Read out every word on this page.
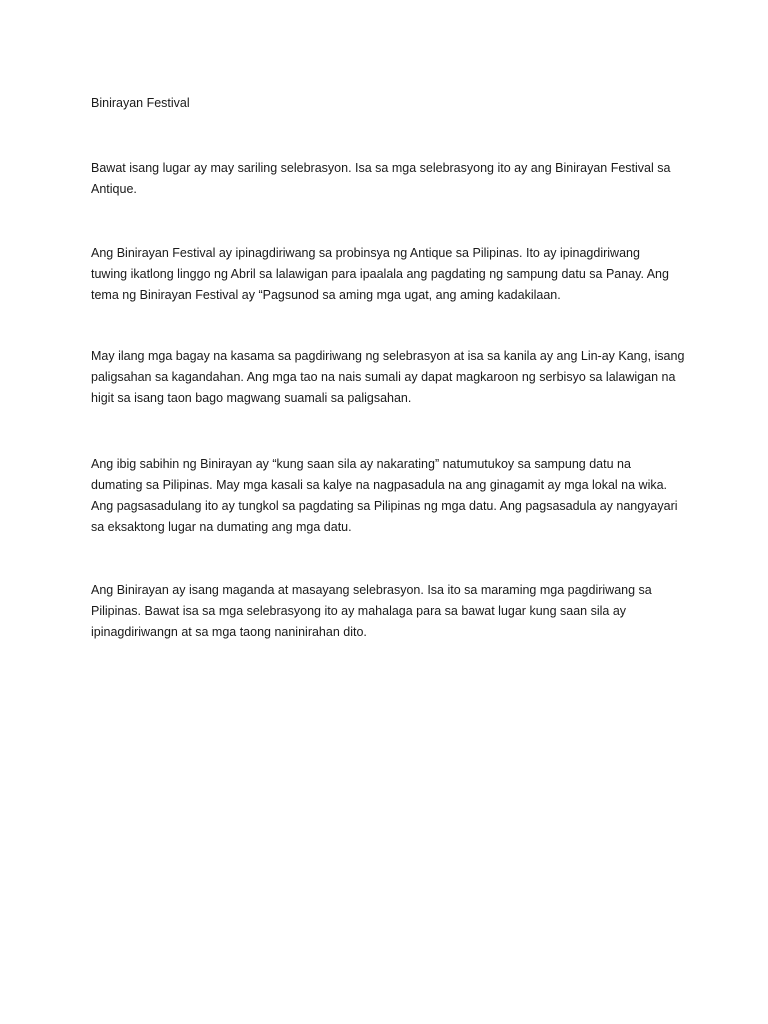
Binirayan Festival

Bawat isang lugar ay may sariling selebrasyon. Isa sa mga selebrasyong ito ay ang Binirayan Festival sa
Antique.

Ang Binirayan Festival ay ipinagdiriwang sa probinsya ng Antique sa Pilipinas. Ito ay ipinagdiriwang
tuwing ikatlong linggo ng Abril sa lalawigan para ipaalala ang pagdating ng sampung datu sa Panay. Ang
tema ng Binirayan Festival ay “Pagsunod sa aming mga ugat, ang aming kadakilaan.

May ilang mga bagay na kasama sa pagdiriwang ng selebrasyon at isa sa kanila ay ang Lin-ay Kang, isang
paligsahan sa kagandahan. Ang mga tao na nais sumali ay dapat magkaroon ng serbisyo sa lalawigan na
higit sa isang taon bago magwang suamali sa paligsahan.

Ang ibig sabihin ng Binirayan ay “kung saan sila ay nakarating” natumutukoy sa sampung datu na
dumating sa Pilipinas. May mga kasali sa kalye na nagpasadula na ang ginagamit ay mga lokal na wika.
Ang pagsasadulang ito ay tungkol sa pagdating sa Pilipinas ng mga datu. Ang pagsasadula ay nangyayari
sa eksaktong lugar na dumating ang mga datu.

Ang Binirayan ay isang maganda at masayang selebrasyon. Isa ito sa maraming mga pagdiriwang sa
Pilipinas. Bawat isa sa mga selebrasyong ito ay mahalaga para sa bawat lugar kung saan sila ay
ipinagdiriwangn at sa mga taong naninirahan dito.
